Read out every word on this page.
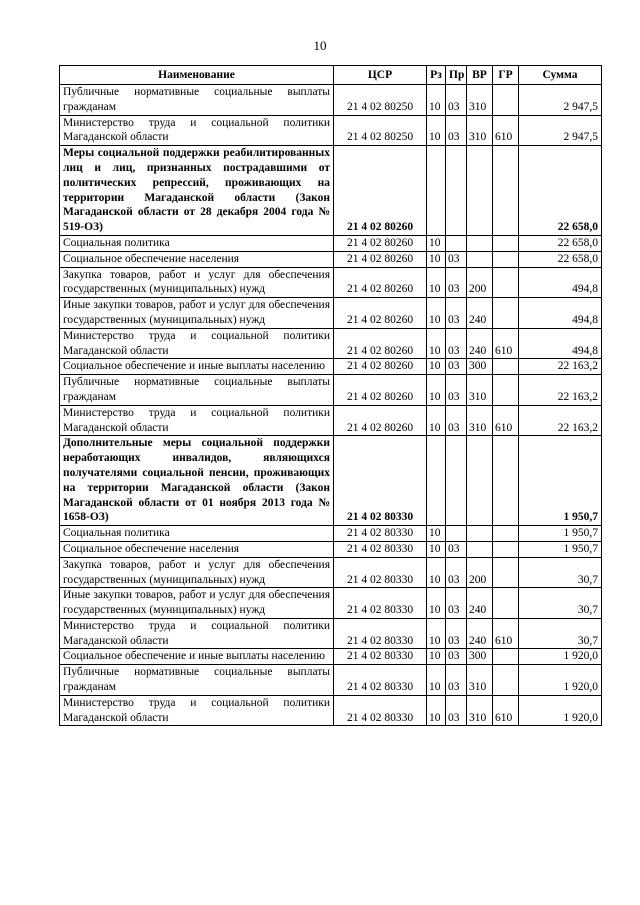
10
Наименование	ЦСР	Рз	Пр	ВР	ГР	Сумма
Публичные нормативные социальные выплаты гражданам	21 4 02 80250	10	03	310		2 947,5
Министерство труда и социальной политики Магаданской области	21 4 02 80250	10	03	310	610	2 947,5
Меры социальной поддержки реабилитированных лиц и лиц, признанных пострадавшими от политических репрессий, проживающих на территории Магаданской области (Закон Магаданской области от 28 декабря 2004 года № 519-ОЗ)	21 4 02 80260					22 658,0
Социальная политика	21 4 02 80260	10				22 658,0
Социальное обеспечение населения	21 4 02 80260	10	03			22 658,0
Закупка товаров, работ и услуг для обеспечения государственных (муниципальных) нужд	21 4 02 80260	10	03	200		494,8
Иные закупки товаров, работ и услуг для обеспечения государственных (муниципальных) нужд	21 4 02 80260	10	03	240		494,8
Министерство труда и социальной политики Магаданской области	21 4 02 80260	10	03	240	610	494,8
Социальное обеспечение и иные выплаты населению	21 4 02 80260	10	03	300		22 163,2
Публичные нормативные социальные выплаты гражданам	21 4 02 80260	10	03	310		22 163,2
Министерство труда и социальной политики Магаданской области	21 4 02 80260	10	03	310	610	22 163,2
Дополнительные меры социальной поддержки неработающих инвалидов, являющихся получателями социальной пенсии, проживающих на территории Магаданской области (Закон Магаданской области от 01 ноября 2013 года № 1658-ОЗ)	21 4 02 80330					1 950,7
Социальная политика	21 4 02 80330	10				1 950,7
Социальное обеспечение населения	21 4 02 80330	10	03			1 950,7
Закупка товаров, работ и услуг для обеспечения государственных (муниципальных) нужд	21 4 02 80330	10	03	200		30,7
Иные закупки товаров, работ и услуг для обеспечения государственных (муниципальных) нужд	21 4 02 80330	10	03	240		30,7
Министерство труда и социальной политики Магаданской области	21 4 02 80330	10	03	240	610	30,7
Социальное обеспечение и иные выплаты населению	21 4 02 80330	10	03	300		1 920,0
Публичные нормативные социальные выплаты гражданам	21 4 02 80330	10	03	310		1 920,0
Министерство труда и социальной политики Магаданской области	21 4 02 80330	10	03	310	610	1 920,0
